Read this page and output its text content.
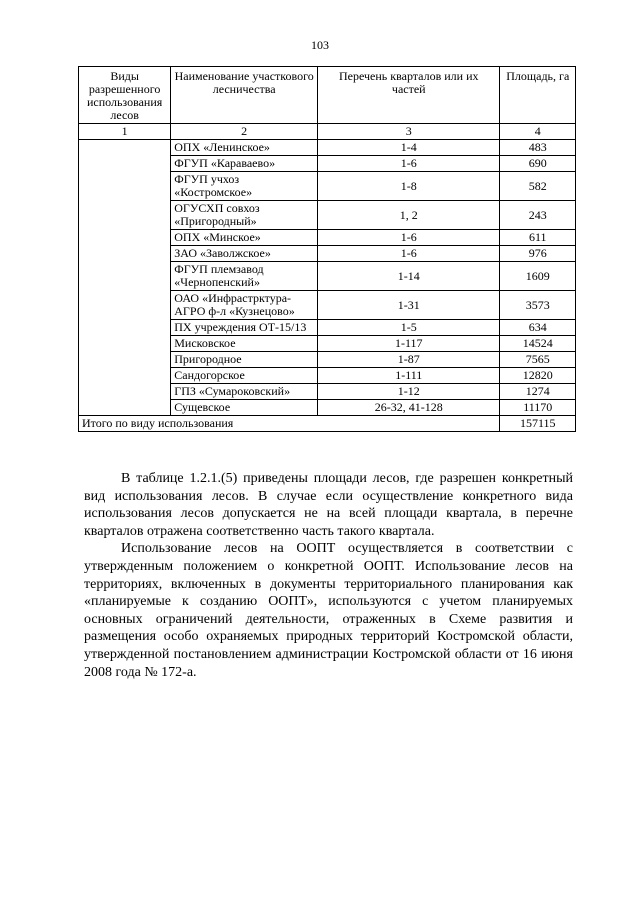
103
Виды разрешенного использования лесов	Наименование участкового лесничества	Перечень кварталов или их частей	Площадь, га
1	2	3	4
	ОПХ «Ленинское»	1-4	483
	ФГУП «Караваево»	1-6	690
	ФГУП учхоз «Костромское»	1-8	582
	ОГУСХП совхоз «Пригородный»	1, 2	243
	ОПХ «Минское»	1-6	611
	ЗАО «Заволжское»	1-6	976
	ФГУП племзавод «Чернопенский»	1-14	1609
	ОАО «Инфрастрктура-АГРО ф-л «Кузнецово»	1-31	3573
	ПХ учреждения ОТ-15/13	1-5	634
	Мисковское	1-117	14524
	Пригородное	1-87	7565
	Сандогорское	1-111	12820
	ГПЗ «Сумароковский»	1-12	1274
	Сущевское	26-32, 41-128	11170
Итого по виду использования			157115

В таблице 1.2.1.(5) приведены площади лесов, где разрешен конкретный вид использования лесов. В случае если осуществление конкретного вида использования лесов допускается не на всей площади квартала, в перечне кварталов отражена соответственно часть такого квартала.

Использование лесов на ООПТ осуществляется в соответствии с утвержденным положением о конкретной ООПТ. Использование лесов на территориях, включенных в документы территориального планирования как «планируемые к созданию ООПТ», используются с учетом планируемых основных ограничений деятельности, отраженных в Схеме развития и размещения особо охраняемых природных территорий Костромской области, утвержденной постановлением администрации Костромской области от 16 июня 2008 года № 172-а.
